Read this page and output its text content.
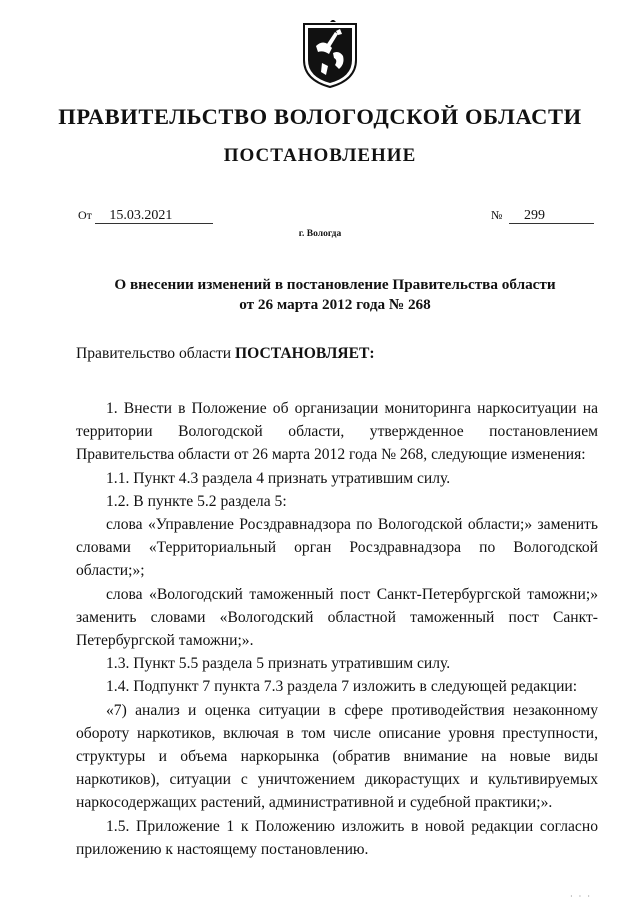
ПРАВИТЕЛЬСТВО ВОЛОГОДСКОЙ ОБЛАСТИ
ПОСТАНОВЛЕНИЕ
От 15.03.2021	№ 299
г. Вологда
О внесении изменений в постановление Правительства области
от 26 марта 2012 года № 268
Правительство области ПОСТАНОВЛЯЕТ:

1. Внести в Положение об организации мониторинга наркоситуации на территории Вологодской области, утвержденное постановлением Правительства области от 26 марта 2012 года № 268, следующие изменения:

1.1. Пункт 4.3 раздела 4 признать утратившим силу.

1.2. В пункте 5.2 раздела 5:

слова «Управление Росздравнадзора по Вологодской области;» заменить словами «Территориальный орган Росздравнадзора по Вологодской области;»;

слова «Вологодский таможенный пост Санкт-Петербургской таможни;» заменить словами «Вологодский областной таможенный пост Санкт-Петербургской таможни;».

1.3. Пункт 5.5 раздела 5 признать утратившим силу.

1.4. Подпункт 7 пункта 7.3 раздела 7 изложить в следующей редакции:

«7) анализ и оценка ситуации в сфере противодействия незаконному обороту наркотиков, включая в том числе описание уровня преступности, структуры и объема наркорынка (обратив внимание на новые виды наркотиков), ситуации с уничтожением дикорастущих и культивируемых наркосодержащих растений, административной и судебной практики;».

1.5. Приложение 1 к Положению изложить в новой редакции согласно приложению к настоящему постановлению.

· · ·
